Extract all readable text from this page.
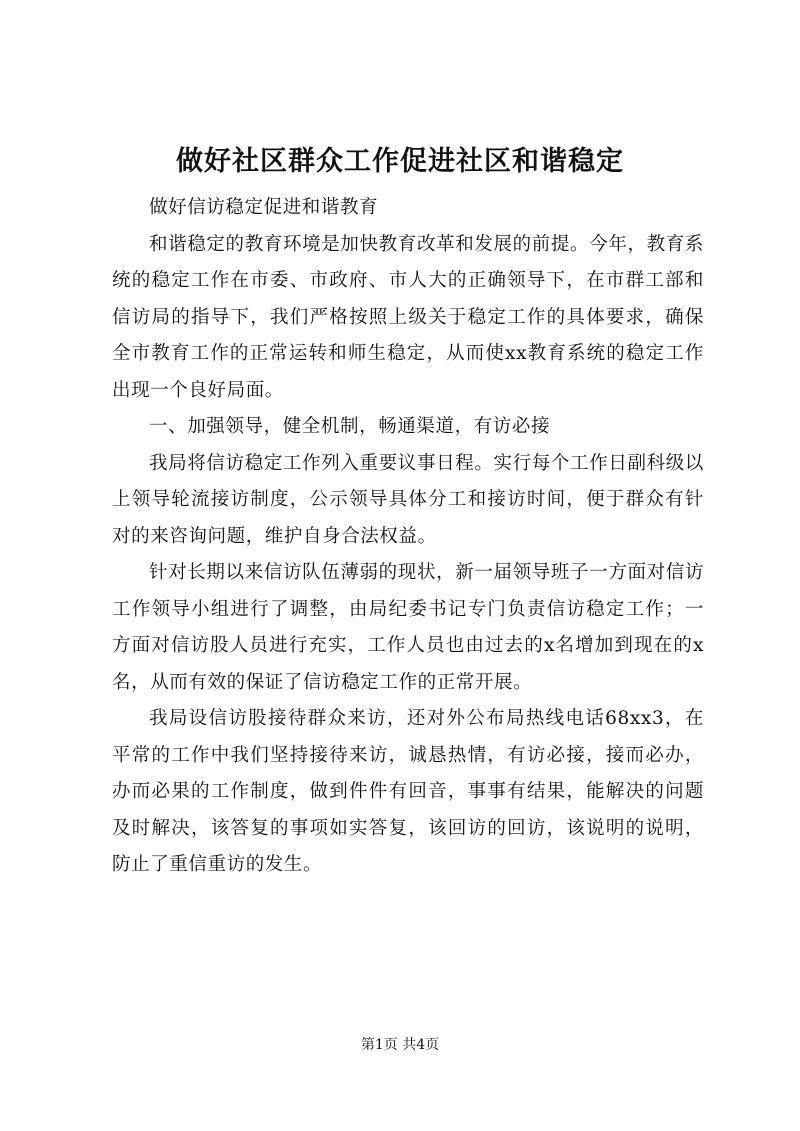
做好社区群众工作促进社区和谐稳定

做好信访稳定促进和谐教育

和谐稳定的教育环境是加快教育改革和发展的前提。今年，教育系统的稳定工作在市委、市政府、市人大的正确领导下，在市群工部和信访局的指导下，我们严格按照上级关于稳定工作的具体要求，确保全市教育工作的正常运转和师生稳定，从而使xx教育系统的稳定工作出现一个良好局面。

一、加强领导，健全机制，畅通渠道，有访必接

我局将信访稳定工作列入重要议事日程。实行每个工作日副科级以上领导轮流接访制度，公示领导具体分工和接访时间，便于群众有针对的来咨询问题，维护自身合法权益。

针对长期以来信访队伍薄弱的现状，新一届领导班子一方面对信访工作领导小组进行了调整，由局纪委书记专门负责信访稳定工作；一方面对信访股人员进行充实，工作人员也由过去的x名增加到现在的x名，从而有效的保证了信访稳定工作的正常开展。

我局设信访股接待群众来访，还对外公布局热线电话68xx3，在平常的工作中我们坚持接待来访，诚恳热情，有访必接，接而必办，办而必果的工作制度，做到件件有回音，事事有结果，能解决的问题及时解决，该答复的事项如实答复，该回访的回访，该说明的说明，防止了重信重访的发生。

第1页 共4页
